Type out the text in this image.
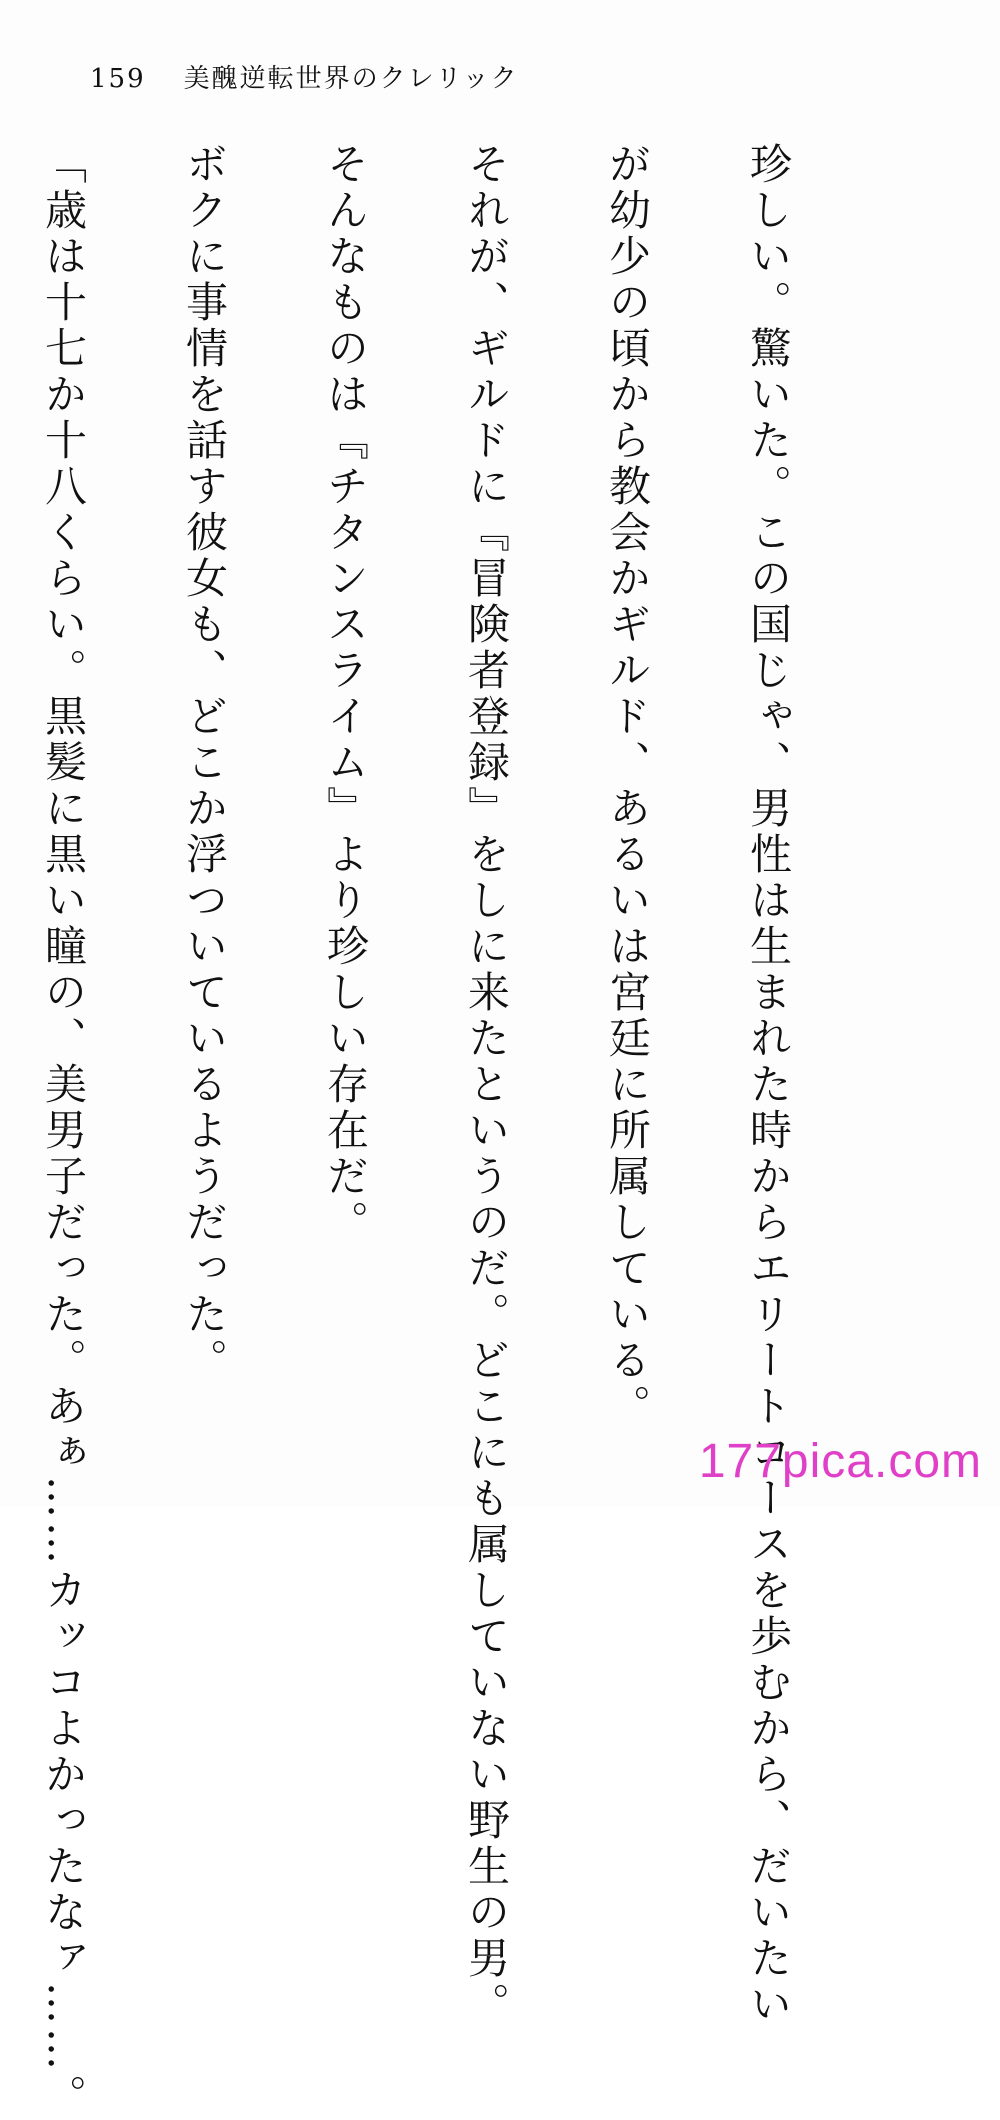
159 美醜逆転世界のクレリック

珍しい。驚いた。この国じゃ、男性は生まれた時からエリートコースを歩むから、だいたい

が幼少の頃から教会かギルド、あるいは宮廷に所属している。

それが、ギルドに『冒険者登録』をしに来たというのだ。どこにも属していない野生の男。

そんなものは『チタンスライム』より珍しい存在だ。

ボクに事情を話す彼女も、どこか浮ついているようだった。

「歳は十七か十八くらい。黒髪に黒い瞳の、美男子だった。あぁ……カッコよかったなァ……。

	177pica.com
